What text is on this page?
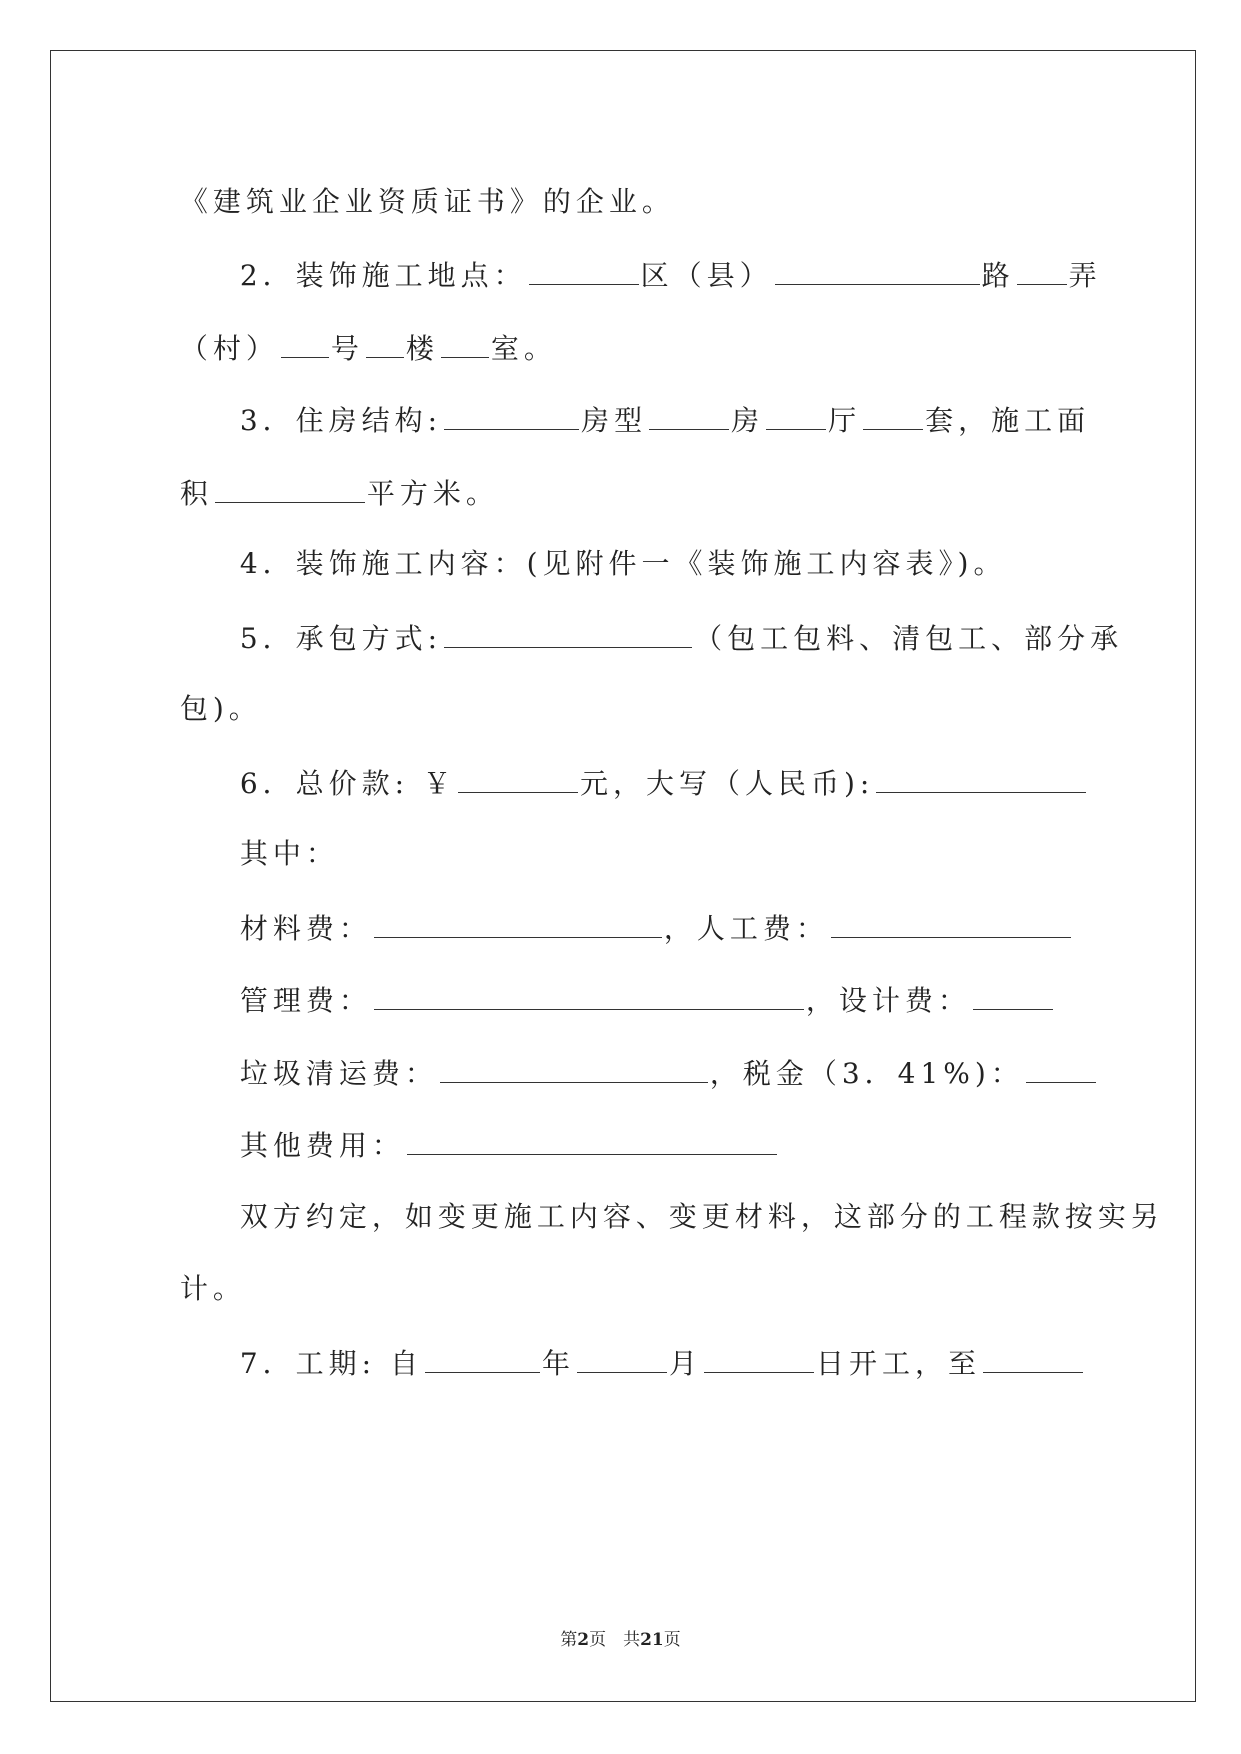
《建筑业企业资质证书》的企业。

2．装饰施工地点：	区（县）	路 弄

（村） 号 楼 室。

3．住房结构:	房型	房 厅 套，施工面

积	平方米。

4．装饰施工内容：(见附件一《装饰施工内容表》)。

5．承包方式:	（包工包料、清包工、部分承

包)。

6．总价款: ￥	元，大写（人民币):

其中：

材料费：	，人工费：

管理费：	，设计费：

垃圾清运费：	，税金（3．41%)：

其他费用：

双方约定，如变更施工内容、变更材料，这部分的工程款按实另

计。

7．工期: 自	年	月	日开工，至

第2页　共21页
